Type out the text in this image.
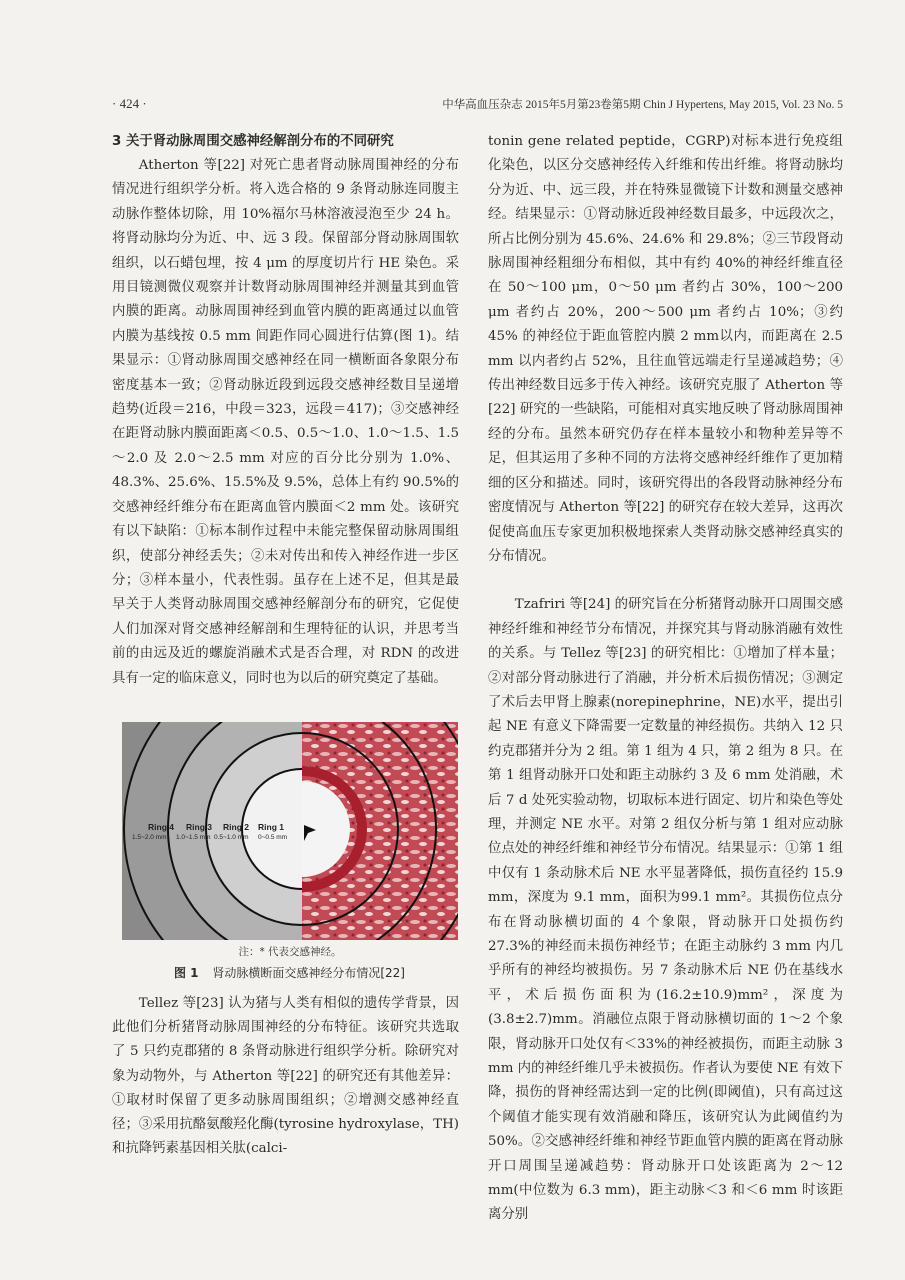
· 424 ·	中华高血压杂志 2015年5月第23卷第5期 Chin J Hypertens, May 2015, Vol. 23 No. 5

3 关于肾动脉周围交感神经解剖分布的不同研究

Atherton 等[22] 对死亡患者肾动脉周围神经的分布情况进行组织学分析。将入选合格的 9 条肾动脉连同腹主动脉作整体切除，用 10%福尔马林溶液浸泡至少 24 h。将肾动脉均分为近、中、远 3 段。保留部分肾动脉周围软组织，以石蜡包埋，按 4 μm 的厚度切片行 HE 染色。采用目镜测微仪观察并计数肾动脉周围神经并测量其到血管内膜的距离。动脉周围神经到血管内膜的距离通过以血管内膜为基线按 0.5 mm 间距作同心圆进行估算(图 1)。结果显示：①肾动脉周围交感神经在同一横断面各象限分布密度基本一致；②肾动脉近段到远段交感神经数目呈递增趋势(近段＝216，中段＝323，远段＝417)；③交感神经在距肾动脉内膜面距离＜0.5、0.5～1.0、1.0～1.5、1.5～2.0 及 2.0～2.5 mm 对应的百分比分别为 1.0%、48.3%、25.6%、15.5%及 9.5%，总体上有约 90.5%的交感神经纤维分布在距离血管内膜面＜2 mm 处。该研究有以下缺陷：①标本制作过程中未能完整保留动脉周围组织，使部分神经丢失；②未对传出和传入神经作进一步区分；③样本量小，代表性弱。虽存在上述不足，但其是最早关于人类肾动脉周围交感神经解剖分布的研究，它促使人们加深对肾交感神经解剖和生理特征的认识，并思考当前的由远及近的螺旋消融术式是否合理，对 RDN 的改进具有一定的临床意义，同时也为以后的研究奠定了基础。

Ring 4
1.5~2.0 mm
Ring 3
1.0~1.5 mm
Ring 2
0.5~1.0 mm
Ring 1
0~0.5 mm
注：* 代表交感神经。
图 1 肾动脉横断面交感神经分布情况[22]

Tellez 等[23] 认为猪与人类有相似的遗传学背景，因此他们分析猪肾动脉周围神经的分布特征。该研究共选取了 5 只约克郡猪的 8 条肾动脉进行组织学分析。除研究对象为动物外，与 Atherton 等[22] 的研究还有其他差异：①取材时保留了更多动脉周围组织；②增测交感神经直径；③采用抗酪氨酸羟化酶(tyrosine hydroxylase，TH)和抗降钙素基因相关肽(calci-

tonin gene related peptide，CGRP)对标本进行免疫组化染色，以区分交感神经传入纤维和传出纤维。将肾动脉均分为近、中、远三段，并在特殊显微镜下计数和测量交感神经。结果显示：①肾动脉近段神经数目最多，中远段次之，所占比例分别为 45.6%、24.6% 和 29.8%；②三节段肾动脉周围神经粗细分布相似，其中有约 40%的神经纤维直径在 50～100 μm，0～50 μm 者约占 30%，100～200 μm 者约占 20%，200～500 μm 者约占 10%；③约 45% 的神经位于距血管腔内膜 2 mm以内，而距离在 2.5 mm 以内者约占 52%，且往血管远端走行呈递减趋势；④传出神经数目远多于传入神经。该研究克服了 Atherton 等[22] 研究的一些缺陷，可能相对真实地反映了肾动脉周围神经的分布。虽然本研究仍存在样本量较小和物种差异等不足，但其运用了多种不同的方法将交感神经纤维作了更加精细的区分和描述。同时，该研究得出的各段肾动脉神经分布密度情况与 Atherton 等[22] 的研究存在较大差异，这再次促使高血压专家更加积极地探索人类肾动脉交感神经真实的分布情况。

Tzafriri 等[24] 的研究旨在分析猪肾动脉开口周围交感神经纤维和神经节分布情况，并探究其与肾动脉消融有效性的关系。与 Tellez 等[23] 的研究相比：①增加了样本量；②对部分肾动脉进行了消融，并分析术后损伤情况；③测定了术后去甲肾上腺素(norepinephrine，NE)水平，提出引起 NE 有意义下降需要一定数量的神经损伤。共纳入 12 只约克郡猪并分为 2 组。第 1 组为 4 只，第 2 组为 8 只。在第 1 组肾动脉开口处和距主动脉约 3 及 6 mm 处消融，术后 7 d 处死实验动物，切取标本进行固定、切片和染色等处理，并测定 NE 水平。对第 2 组仅分析与第 1 组对应动脉位点处的神经纤维和神经节分布情况。结果显示：①第 1 组中仅有 1 条动脉术后 NE 水平显著降低，损伤直径约 15.9 mm，深度为 9.1 mm，面积为99.1 mm²。其损伤位点分布在肾动脉横切面的 4 个象限，肾动脉开口处损伤约 27.3%的神经而未损伤神经节；在距主动脉约 3 mm 内几乎所有的神经均被损伤。另 7 条动脉术后 NE 仍在基线水平，术后损伤面积为(16.2±10.9)mm²，深度为(3.8±2.7)mm。消融位点限于肾动脉横切面的 1～2 个象限，肾动脉开口处仅有＜33%的神经被损伤，而距主动脉 3 mm 内的神经纤维几乎未被损伤。作者认为要使 NE 有效下降，损伤的肾神经需达到一定的比例(即阈值)，只有高过这个阈值才能实现有效消融和降压，该研究认为此阈值约为 50%。②交感神经纤维和神经节距血管内膜的距离在肾动脉开口周围呈递减趋势：肾动脉开口处该距离为 2～12 mm(中位数为 6.3 mm)，距主动脉＜3 和＜6 mm 时该距离分别
